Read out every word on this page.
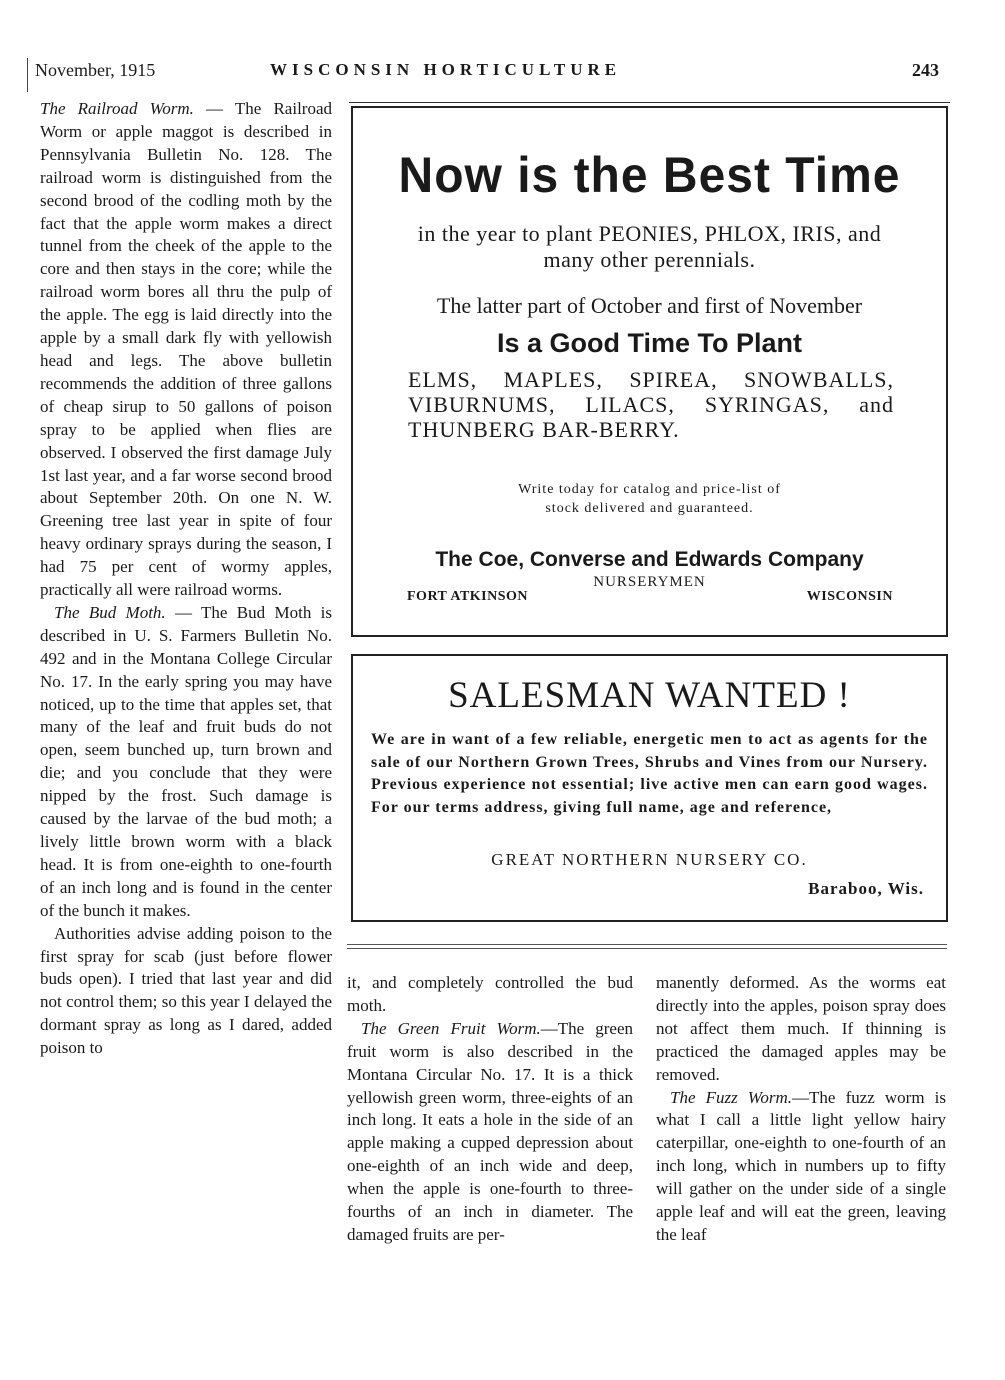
November, 1915	WISCONSIN HORTICULTURE	243

The Railroad Worm. — The Railroad Worm or apple maggot is described in Pennsylvania Bulletin No. 128. The railroad worm is distinguished from the second brood of the codling moth by the fact that the apple worm makes a direct tunnel from the cheek of the apple to the core and then stays in the core; while the railroad worm bores all thru the pulp of the apple. The egg is laid directly into the apple by a small dark fly with yellowish head and legs. The above bulletin recommends the addition of three gallons of cheap sirup to 50 gallons of poison spray to be applied when flies are observed. I observed the first damage July 1st last year, and a far worse second brood about September 20th. On one N. W. Greening tree last year in spite of four heavy ordinary sprays during the season, I had 75 per cent of wormy apples, practically all were railroad worms.

The Bud Moth. — The Bud Moth is described in U. S. Farmers Bulletin No. 492 and in the Montana College Circular No. 17. In the early spring you may have noticed, up to the time that apples set, that many of the leaf and fruit buds do not open, seem bunched up, turn brown and die; and you conclude that they were nipped by the frost. Such damage is caused by the larvae of the bud moth; a lively little brown worm with a black head. It is from one-eighth to one-fourth of an inch long and is found in the center of the bunch it makes.

Authorities advise adding poison to the first spray for scab (just before flower buds open). I tried that last year and did not control them; so this year I delayed the dormant spray as long as I dared, added poison to

it, and completely controlled the bud moth.

The Green Fruit Worm.—The green fruit worm is also described in the Montana Circular No. 17. It is a thick yellowish green worm, three-eights of an inch long. It eats a hole in the side of an apple making a cupped depression about one-eighth of an inch wide and deep, when the apple is one-fourth to three-fourths of an inch in diameter. The damaged fruits are per-

manently deformed. As the worms eat directly into the apples, poison spray does not affect them much. If thinning is practiced the damaged apples may be removed.

The Fuzz Worm.—The fuzz worm is what I call a little light yellow hairy caterpillar, one-eighth to one-fourth of an inch long, which in numbers up to fifty will gather on the under side of a single apple leaf and will eat the green, leaving the leaf

Now is the Best Time
in the year to plant PEONIES, PHLOX, IRIS, and many other perennials.
The latter part of October and first of November
Is a Good Time To Plant
ELMS, MAPLES, SPIREA, SNOWBALLS, VIBURNUMS, LILACS, SYRINGAS, and THUNBERG BAR-BERRY.
Write today for catalog and price-list of stock delivered and guaranteed.
The Coe, Converse and Edwards Company
NURSERYMEN
FORT ATKINSON	WISCONSIN
SALESMAN WANTED !
We are in want of a few reliable, energetic men to act as agents for the sale of our Northern Grown Trees, Shrubs and Vines from our Nursery. Previous experience not essential; live active men can earn good wages. For our terms address, giving full name, age and reference,
GREAT NORTHERN NURSERY CO.
Baraboo, Wis.
